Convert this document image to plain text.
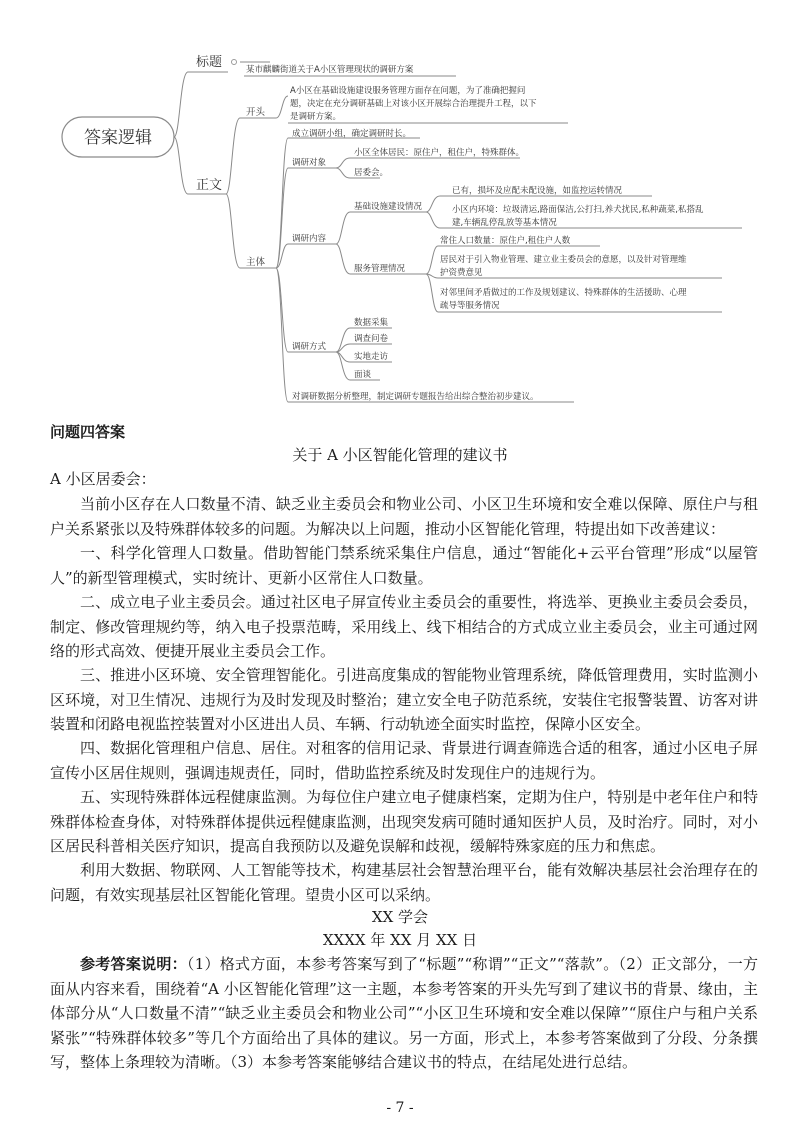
答案逻辑
标题	某市麒麟街道关于A小区管理现状的调研方案
正文
开头
A小区在基础设施建设服务管理方面存在问题，为了准确把握问
题，决定在充分调研基础上对该小区开展综合治理提升工程，以下
是调研方案。
主体
成立调研小组，确定调研时长。
调研对象
小区全体居民：原住户，租住户，特殊群体。
居委会。
调研内容
基础设施建设情况
已有，损坏及应配未配设施，如监控运转情况
小区内环境：垃圾清运,路面保洁,公打扫,养犬扰民,私种蔬菜,私搭乱
建,车辆乱停乱放等基本情况
服务管理情况
常住人口数量：原住户,租住户人数
居民对于引入物业管理、建立业主委员会的意愿，以及针对管理维
护资费意见
对邻里间矛盾做过的工作及规划建议、特殊群体的生活援助、心理
疏导等服务情况
调研方式
数据采集
调查问卷
实地走访
面谈
对调研数据分析整理，制定调研专题报告给出综合整治初步建议。
问题四答案
关于 A 小区智能化管理的建议书
A 小区居委会：
当前小区存在人口数量不清、缺乏业主委员会和物业公司、小区卫生环境和安全难以保障、原住户与租户关系紧张以及特殊群体较多的问题。为解决以上问题，推动小区智能化管理，特提出如下改善建议：
一、科学化管理人口数量。借助智能门禁系统采集住户信息，通过“智能化+云平台管理”形成“以屋管人”的新型管理模式，实时统计、更新小区常住人口数量。
二、成立电子业主委员会。通过社区电子屏宣传业主委员会的重要性，将选举、更换业主委员会委员，制定、修改管理规约等，纳入电子投票范畴，采用线上、线下相结合的方式成立业主委员会，业主可通过网络的形式高效、便捷开展业主委员会工作。
三、推进小区环境、安全管理智能化。引进高度集成的智能物业管理系统，降低管理费用，实时监测小区环境，对卫生情况、违规行为及时发现及时整治；建立安全电子防范系统，安装住宅报警装置、访客对讲装置和闭路电视监控装置对小区进出人员、车辆、行动轨迹全面实时监控，保障小区安全。
四、数据化管理租户信息、居住。对租客的信用记录、背景进行调查筛选合适的租客，通过小区电子屏宣传小区居住规则，强调违规责任，同时，借助监控系统及时发现住户的违规行为。
五、实现特殊群体远程健康监测。为每位住户建立电子健康档案，定期为住户，特别是中老年住户和特殊群体检查身体，对特殊群体提供远程健康监测，出现突发病可随时通知医护人员，及时治疗。同时，对小区居民科普相关医疗知识，提高自我预防以及避免误解和歧视，缓解特殊家庭的压力和焦虑。
利用大数据、物联网、人工智能等技术，构建基层社会智慧治理平台，能有效解决基层社会治理存在的问题，有效实现基层社区智能化管理。望贵小区可以采纳。
XX 学会
XXXX 年 XX 月 XX 日
参考答案说明：（1）格式方面，本参考答案写到了“标题”“称谓”“正文”“落款”。（2）正文部分，一方面从内容来看，围绕着“A 小区智能化管理”这一主题，本参考答案的开头先写到了建议书的背景、缘由，主体部分从“人口数量不清”“缺乏业主委员会和物业公司”“小区卫生环境和安全难以保障”“原住户与租户关系紧张”“特殊群体较多”等几个方面给出了具体的建议。另一方面，形式上，本参考答案做到了分段、分条撰写，整体上条理较为清晰。（3）本参考答案能够结合建议书的特点，在结尾处进行总结。
- 7 -
